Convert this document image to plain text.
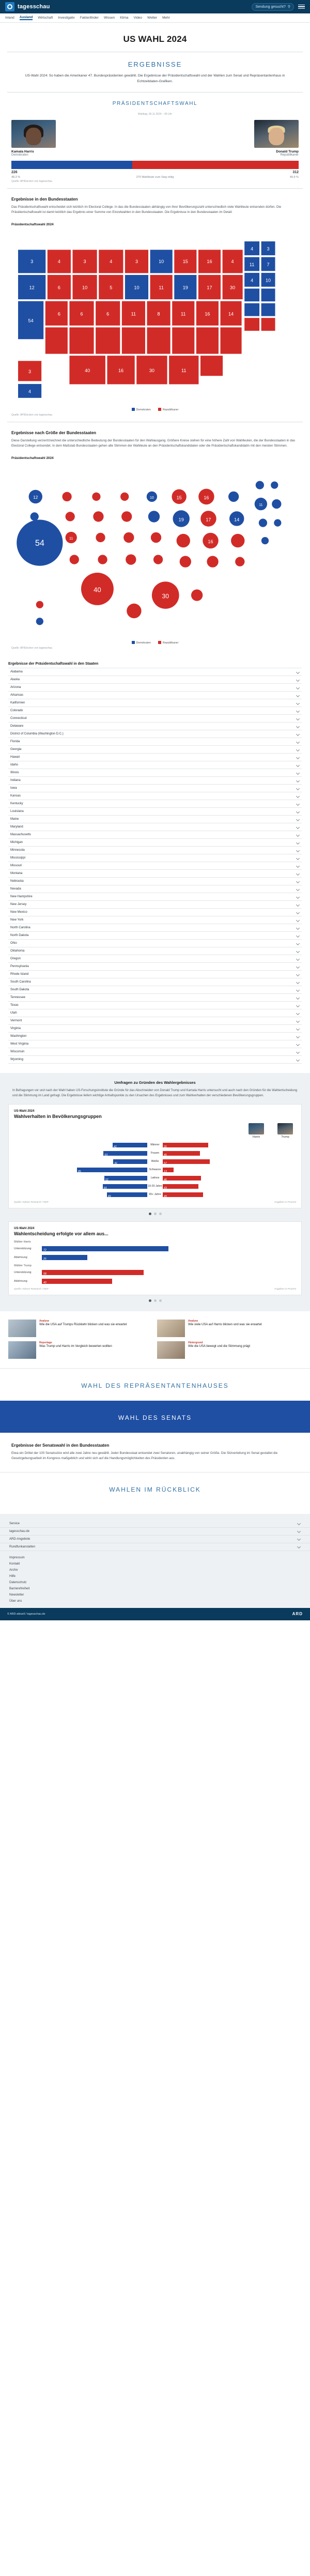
tagesschau	Sendung gesucht? ⚲
Inland Ausland Wirtschaft Investigativ Faktenfinder Wissen Klima Video Wetter Mehr
US WAHL 2024
ERGEBNISSE
US-Wahl 2024: So haben die Amerikaner 47. Bundespräsidenten gewählt. Die Ergebnisse der Präsidentschaftswahl und der Wahlen zum Senat und Repräsentantenhaus in Echtzeitdaten-Grafiken.
PRÄSIDENTSCHAFTSWAHL
Wahltag: 05.11.2024 – 06 Uhr
Kamala Harris
Demokraten
Donald Trump
Republikaner
226	312
48,3 %	270 Wahlleute zum Sieg nötig	49,9 %
Quelle: AP/Election von tagesschau
Ergebnisse in den Bundesstaaten
Das Präsidentschaftswahl entscheidet sich letztlich im Electoral College. In das die Bundesstaaten abhängig von ihrer Bevölkerungszahl unterschiedlich viele Wahlleute entsenden dürfen. Die Präsidentschaftswahl ist damit letztlich das Ergebnis einer Summe von Einzelwahlen in den Bundesstaaten. Die Ergebnisse in den Bundesstaaten im Detail:
Präsidentschaftswahl 2024
3
12
54
6
4
6
3
10
6
4
5
6
3
10
11
10
11
8
15
19
11
16
17
16
4
30
14
4	3
11	7
4	10
3
4
40	16	30	11
Demokraten	Republikaner
Quelle: AP/Election von tagesschau
Ergebnisse nach Größe der Bundesstaaten
Diese Darstellung verzerrt/zeichnet die unterschiedliche Bedeutung der Bundesstaaten für den Wahlausgang. Größere Kreise stehen für eine höhere Zahl von Wahlleuten, die der Bundesstaaten in das Electoral College entsendet. In dem Maßstab Bundesstaaten gehen alle Stimmen der Wahlleute an den Präsidentschaftskandidaten oder die Präsidentschaftskandidatin mit den meisten Stimmen.
Präsidentschaftswahl 2024
54
12
11
40
10	15
19
30
16
17
16
14
11
Demokraten	Republikaner
Quelle: AP/Election von tagesschau
Ergebnisse der Präsidentschaftswahl in den Staaten
Alabama
Alaska
Arizona
Arkansas
Kalifornien
Colorado
Connecticut
Delaware
District of Columbia (Washington D.C.)
Florida
Georgia
Hawaii
Idaho
Illinois
Indiana
Iowa
Kansas
Kentucky
Louisiana
Maine
Maryland
Massachusetts
Michigan
Minnesota
Mississippi
Missouri
Montana
Nebraska
Nevada
New Hampshire
New Jersey
New Mexico
New York
North Carolina
North Dakota
Ohio
Oklahoma
Oregon
Pennsylvania
Rhode Island
South Carolina
South Dakota
Tennessee
Texas
Utah
Vermont
Virginia
Washington
West Virginia
Wisconsin
Wyoming
Umfragen zu Gründen des Wahlergebnisses
In Befragungen vor und nach der Wahl haben US-Forschungsinstitute die Gründe für das Abschneiden von Donald Trump und Kamala Harris untersucht und auch nach den Gründen für die Wahlentscheidung und die Stimmung im Land gefragt. Die Ergebnisse liefern wichtige Anhaltspunkte zu den Ursachen des Ergebnisses und zum Wahlverhalten der verschiedenen Bevölkerungsgruppen.
US-Wahl 2024
Wahlverhalten in Bevölkerungsgruppen
Harris	Trump
42
Männer
55
53
Frauen
45
41
Weiße
57
85
Schwarze
13
52
Latinos
46
54
18-29 Jahre
43
49
65+ Jahre
49
Quelle: Edison Research / NEP	Angaben in Prozent
US-Wahl 2024
Wahlentscheidung erfolgte vor allem aus...
Wähler Harris
Unterstützung	72
Ablehnung	26
Wähler Trump
Unterstützung	58
Ablehnung	40
Quelle: Edison Research / NEP	Angaben in Prozent
Analyse
Wie die USA auf Trumps Rückkehr blicken und was sie erwartet
Analyse
Wie viele USA auf Harris blicken und was sie erwartet
Reportage
Was Trump und Harris im Vergleich bewerten wollten
Hintergrund
Wie die USA bewegt und die Stimmung prägt
WAHL DES REPRÄSENTANTENHAUSES
WAHL DES SENATS
Ergebnisse der Senatswahl in den Bundesstaaten
Etwa ein Drittel der 100 Senatssitze wird alle zwei Jahre neu gewählt. Jeder Bundesstaat entsendet zwei Senatoren, unabhängig von seiner Größe. Die Sitzverteilung im Senat gestaltet die Gesetzgebungsarbeit im Kongress maßgeblich und wirkt sich auf die Handlungsmöglichkeiten des Präsidenten aus.
WAHLEN IM RÜCKBLICK
Service
tagesschau.de
ARD-Angebote
Rundfunkanstalten
Impressum
Kontakt
Archiv
Hilfe
Datenschutz
Barrierefreiheit
Newsletter
Über uns
© ARD-aktuell / tagesschau.de	ARD
